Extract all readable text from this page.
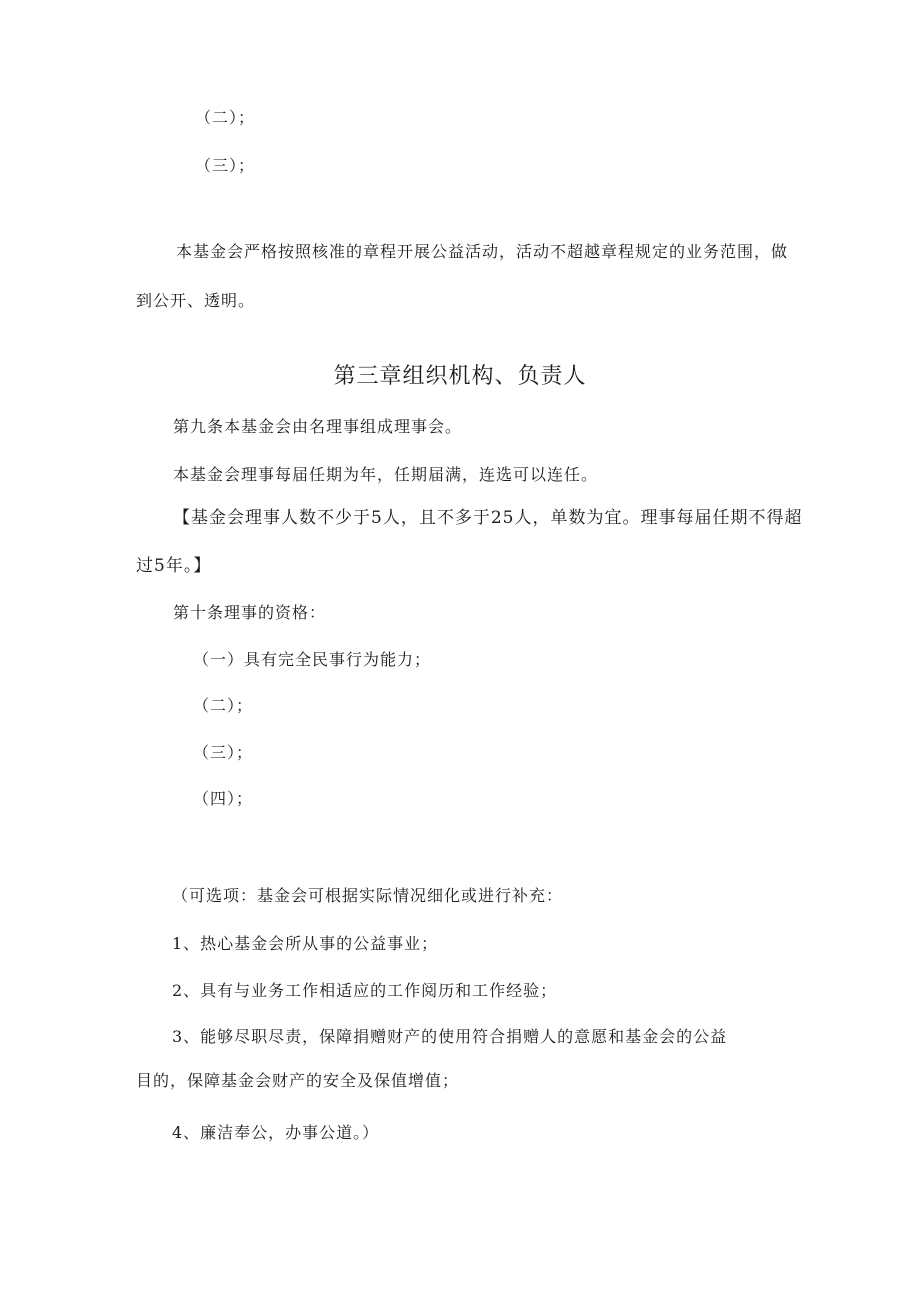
（二）；
（三）；
本基金会严格按照核准的章程开展公益活动，活动不超越章程规定的业务范围，做
到公开、透明。
第三章组织机构、负责人
第九条本基金会由名理事组成理事会。
本基金会理事每届任期为年，任期届满，连选可以连任。
【基金会理事人数不少于5人，且不多于25人，单数为宜。理事每届任期不得超
过5年。】
第十条理事的资格：
（一）具有完全民事行为能力；
（二）；
（三）；
（四）；
（可选项：基金会可根据实际情况细化或进行补充：
1、热心基金会所从事的公益事业；
2、具有与业务工作相适应的工作阅历和工作经验；
3、能够尽职尽责，保障捐赠财产的使用符合捐赠人的意愿和基金会的公益
目的，保障基金会财产的安全及保值增值；
4、廉洁奉公，办事公道。）
